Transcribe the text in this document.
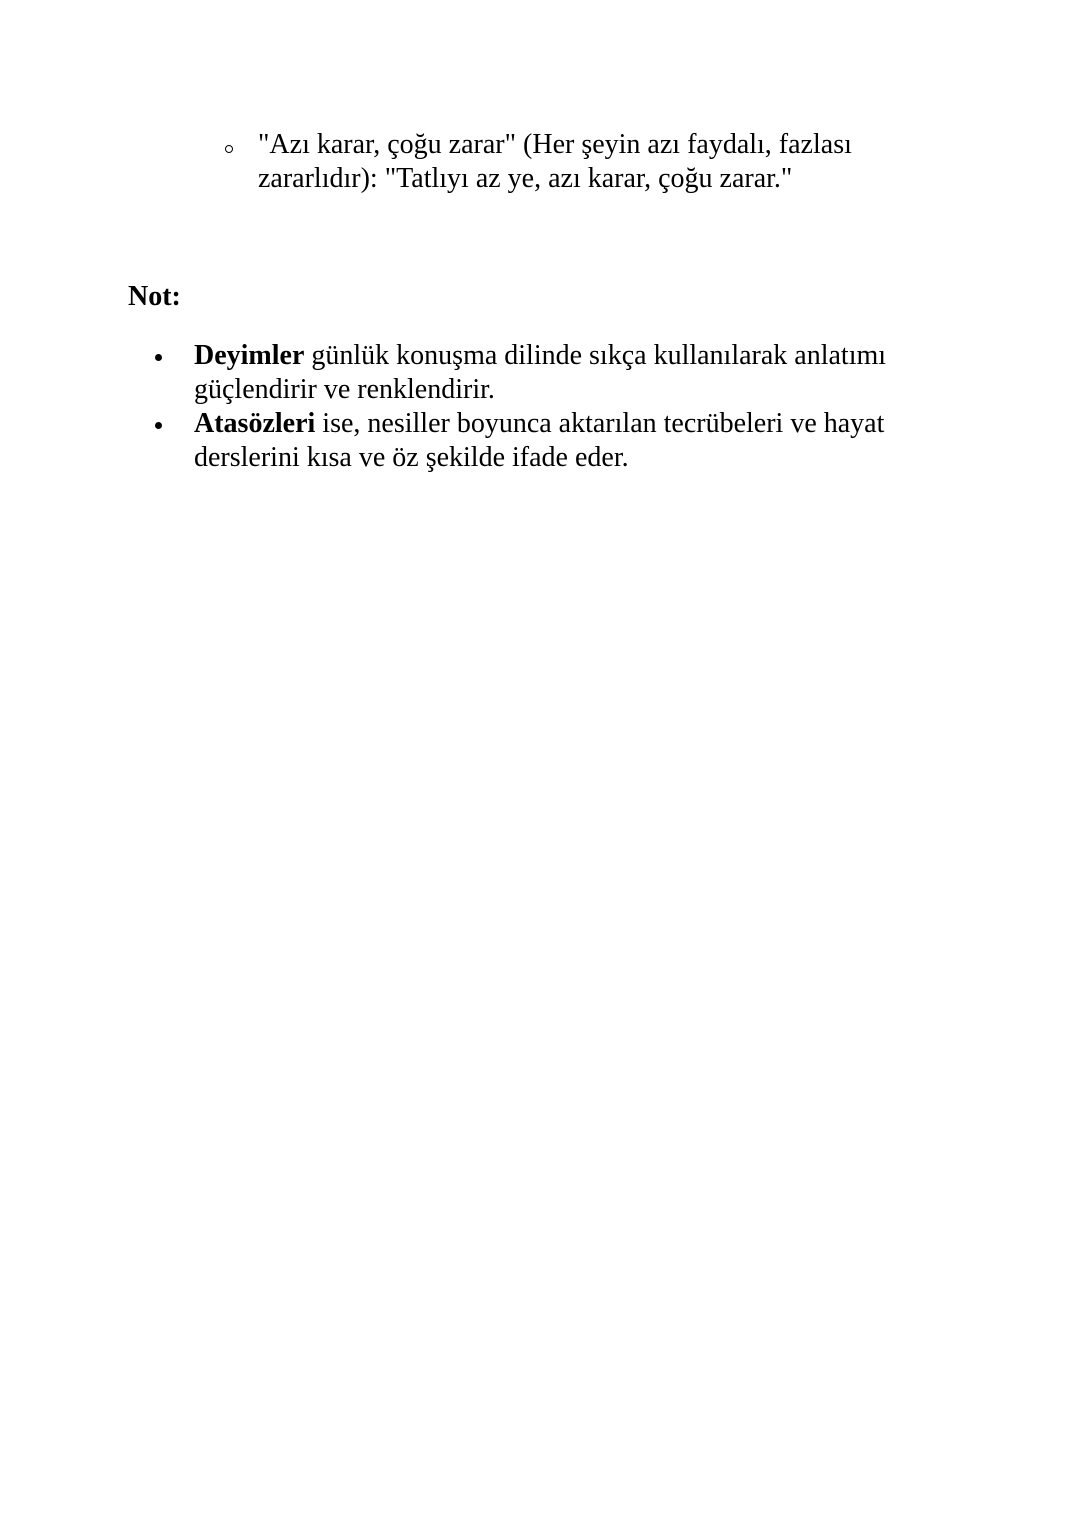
"Azı karar, çoğu zarar" (Her şeyin azı faydalı, fazlası zararlıdır): "Tatlıyı az ye, azı karar, çoğu zarar."
Not:
Deyimler günlük konuşma dilinde sıkça kullanılarak anlatımı güçlendirir ve renklendirir.
Atasözleri ise, nesiller boyunca aktarılan tecrübeleri ve hayat derslerini kısa ve öz şekilde ifade eder.
